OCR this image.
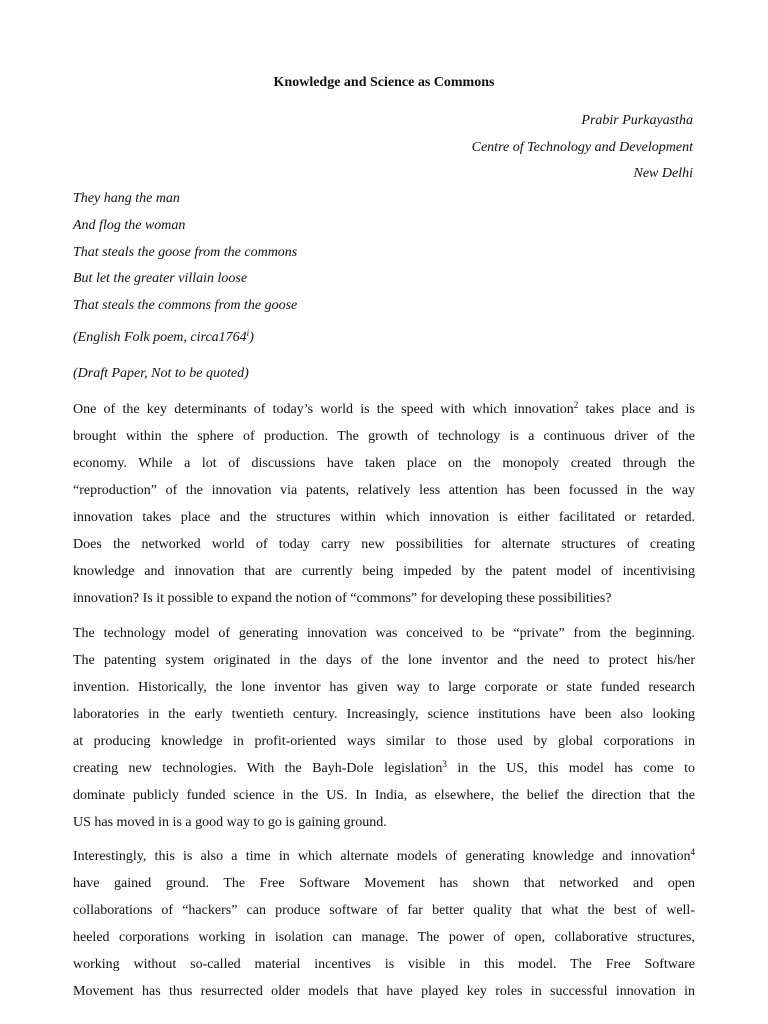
Knowledge and Science as Commons
Prabir Purkayastha
Centre of Technology and Development
New Delhi
They hang the man
And flog the woman
That steals the goose from the commons
But let the greater villain loose
That steals the commons from the goose
(English Folk poem, circa1764$^i$)
(Draft Paper, Not to be quoted)
One of the key determinants of today’s world is the speed with which innovation$^2$ takes place and is
brought within the sphere of production. The growth of technology is a continuous driver of the
economy. While a lot of discussions have taken place on the monopoly created through the
“reproduction” of the innovation via patents, relatively less attention has been focussed in the way
innovation takes place and the structures within which innovation is either facilitated or retarded.
Does the networked world of today carry new possibilities for alternate structures of creating
knowledge and innovation that are currently being impeded by the patent model of incentivising
innovation? Is it possible to expand the notion of “commons” for developing these possibilities?
The technology model of generating innovation was conceived to be “private” from the beginning.
The patenting system originated in the days of the lone inventor and the need to protect his/her
invention. Historically, the lone inventor has given way to large corporate or state funded research
laboratories in the early twentieth century. Increasingly, science institutions have been also looking
at producing knowledge in profit-oriented ways similar to those used by global corporations in
creating new technologies. With the Bayh-Dole legislation$^3$ in the US, this model has come to
dominate publicly funded science in the US. In India, as elsewhere, the belief the direction that the
US has moved in is a good way to go is gaining ground.
Interestingly, this is also a time in which alternate models of generating knowledge and innovation$^4$
have gained ground. The Free Software Movement has shown that networked and open
collaborations of “hackers” can produce software of far better quality that what the best of well-
heeled corporations working in isolation can manage. The power of open, collaborative structures,
working without so-called material incentives is visible in this model. The Free Software
Movement has thus resurrected older models that have played key roles in successful innovation in
